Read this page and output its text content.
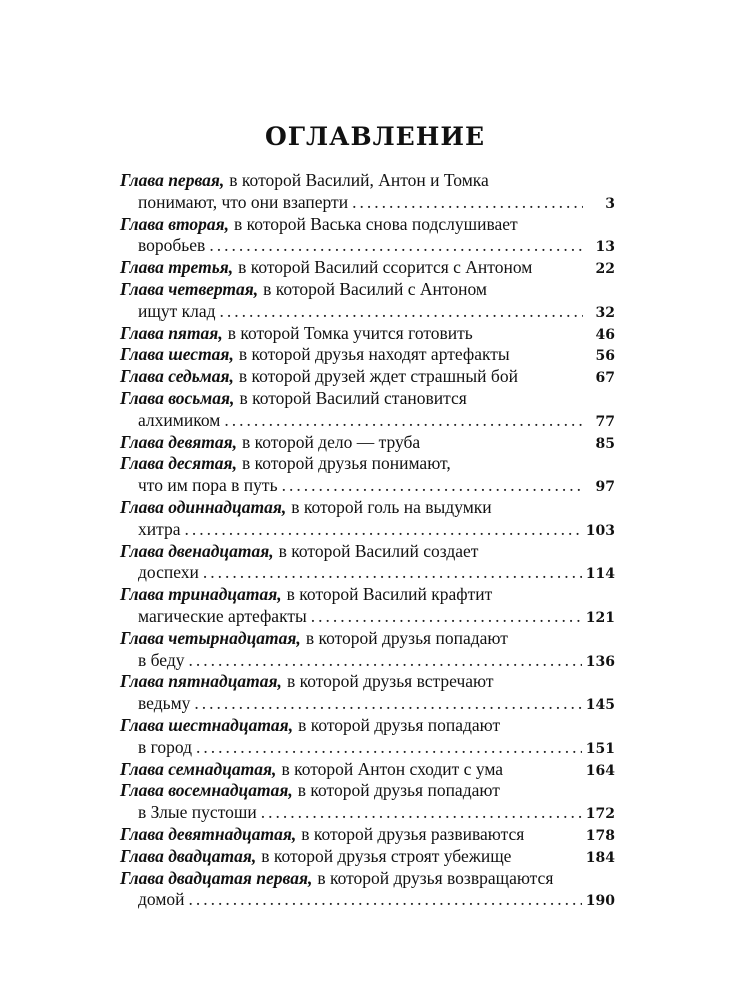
ОГЛАВЛЕНИЕ
Глава первая, в которой Василий, Антон и Томка
понимают, что они взаперти .....	3
Глава вторая, в которой Васька снова подслушивает
воробьев .....	13
Глава третья, в которой Василий ссорится с Антоном	22
Глава четвертая, в которой Василий с Антоном
ищут клад .....	32
Глава пятая, в которой Томка учится готовить	46
Глава шестая, в которой друзья находят артефакты	56
Глава седьмая, в которой друзей ждет страшный бой	67
Глава восьмая, в которой Василий становится
алхимиком .....	77
Глава девятая, в которой дело — труба	85
Глава десятая, в которой друзья понимают,
что им пора в путь .....	97
Глава одиннадцатая, в которой голь на выдумки
хитра .....	103
Глава двенадцатая, в которой Василий создает
доспехи .....	114
Глава тринадцатая, в которой Василий крафтит
магические артефакты .....	121
Глава четырнадцатая, в которой друзья попадают
в беду .....	136
Глава пятнадцатая, в которой друзья встречают
ведьму .....	145
Глава шестнадцатая, в которой друзья попадают
в город .....	151
Глава семнадцатая, в которой Антон сходит с ума	164
Глава восемнадцатая, в которой друзья попадают
в Злые пустоши .....	172
Глава девятнадцатая, в которой друзья развиваются	178
Глава двадцатая, в которой друзья строят убежище	184
Глава двадцатая первая, в которой друзья возвращаются
домой .....	190
